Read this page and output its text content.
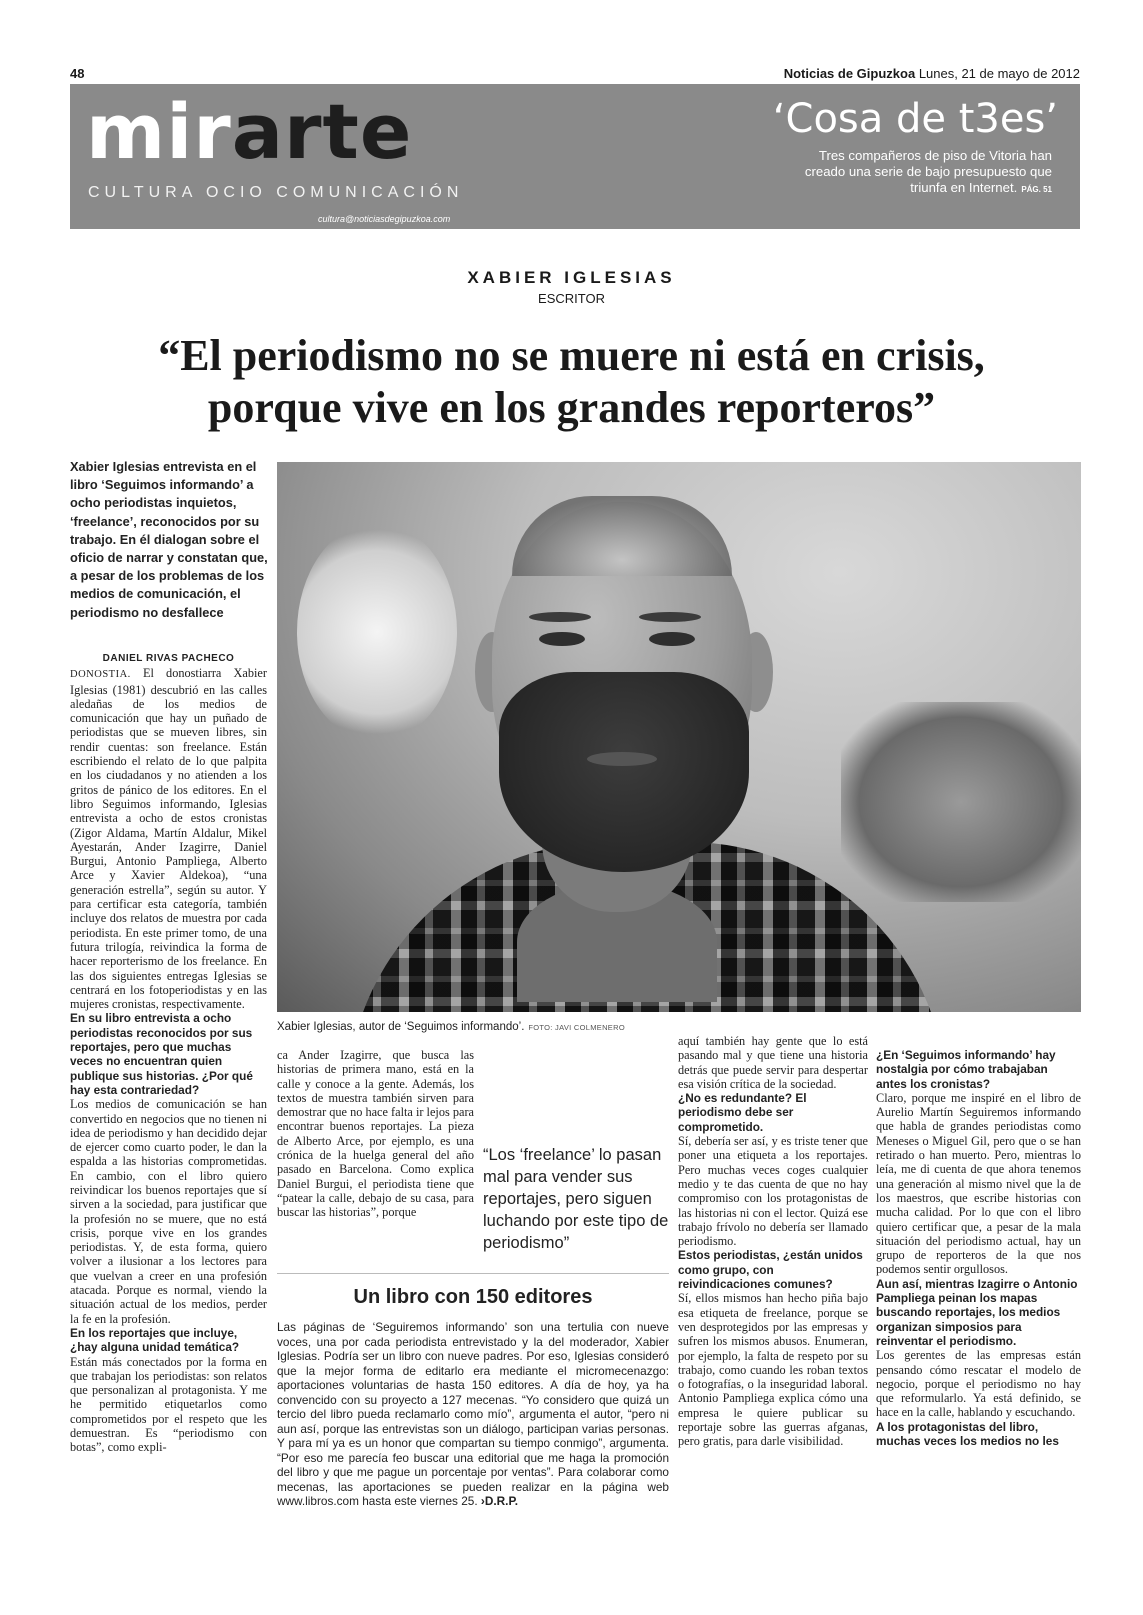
48	Noticias de Gipuzkoa Lunes, 21 de mayo de 2012
mirarte
CULTURA OCIO COMUNICACIÓN
cultura@noticiasdegipuzkoa.com
‘Cosa de t3es’
Tres compañeros de piso de Vitoria han creado una serie de bajo presupuesto que triunfa en Internet. PÁG. 51
XABIER IGLESIAS
ESCRITOR
“El periodismo no se muere ni está en crisis,
porque vive en los grandes reporteros”
Xabier Iglesias entrevista en el libro ‘Seguimos informando’ a ocho periodistas inquietos, ‘freelance’, reconocidos por su trabajo. En él dialogan sobre el oficio de narrar y constatan que, a pesar de los problemas de los medios de comunicación, el periodismo no desfallece
Xabier Iglesias, autor de ‘Seguimos informando’. FOTO: JAVI COLMENERO
DANIEL RIVAS PACHECO
DONOSTIA. El donostiarra Xabier Iglesias (1981) descubrió en las calles aledañas de los medios de comunicación que hay un puñado de periodistas que se mueven libres, sin rendir cuentas: son freelance. Están escribiendo el relato de lo que palpita en los ciudadanos y no atienden a los gritos de pánico de los editores. En el libro Seguimos informando, Iglesias entrevista a ocho de estos cronistas (Zigor Aldama, Martín Aldalur, Mikel Ayestarán, Ander Izagirre, Daniel Burgui, Antonio Pampliega, Alberto Arce y Xavier Aldekoa), “una generación estrella”, según su autor. Y para certificar esta categoría, también incluye dos relatos de muestra por cada periodista. En este primer tomo, de una futura trilogía, reivindica la forma de hacer reporterismo de los freelance. En las dos siguientes entregas Iglesias se centrará en los fotoperiodistas y en las mujeres cronistas, respectivamente.
En su libro entrevista a ocho periodistas reconocidos por sus reportajes, pero que muchas veces no encuentran quien publique sus historias. ¿Por qué hay esta contrariedad?
Los medios de comunicación se han convertido en negocios que no tienen ni idea de periodismo y han decidido dejar de ejercer como cuarto poder, le dan la espalda a las historias comprometidas. En cambio, con el libro quiero reivindicar los buenos reportajes que sí sirven a la sociedad, para justificar que la profesión no se muere, que no está crisis, porque vive en los grandes periodistas. Y, de esta forma, quiero volver a ilusionar a los lectores para que vuelvan a creer en una profesión atacada. Porque es normal, viendo la situación actual de los medios, perder la fe en la profesión.
En los reportajes que incluye, ¿hay alguna unidad temática?
Están más conectados por la forma en que trabajan los periodistas: son relatos que personalizan al protagonista. Y me he permitido etiquetarlos como comprometidos por el respeto que les demuestran. Es “periodismo con botas”, como expli-
ca Ander Izagirre, que busca las historias de primera mano, está en la calle y conoce a la gente. Además, los textos de muestra también sirven para demostrar que no hace falta ir lejos para encontrar buenos reportajes. La pieza de Alberto Arce, por ejemplo, es una crónica de la huelga general del año pasado en Barcelona. Como explica Daniel Burgui, el periodista tiene que “patear la calle, debajo de su casa, para buscar las historias”, porque
“Los ‘freelance’ lo pasan mal para vender sus reportajes, pero siguen luchando por este tipo de periodismo”
aquí también hay gente que lo está pasando mal y que tiene una historia detrás que puede servir para despertar esa visión crítica de la sociedad.
¿No es redundante? El periodismo debe ser comprometido.
Sí, debería ser así, y es triste tener que poner una etiqueta a los reportajes. Pero muchas veces coges cualquier medio y te das cuenta de que no hay compromiso con los protagonistas de las historias ni con el lector. Quizá ese trabajo frívolo no debería ser llamado periodismo.
Estos periodistas, ¿están unidos como grupo, con reivindicaciones comunes?
Sí, ellos mismos han hecho piña bajo esa etiqueta de freelance, porque se ven desprotegidos por las empresas y sufren los mismos abusos. Enumeran, por ejemplo, la falta de respeto por su trabajo, como cuando les roban textos o fotografías, o la inseguridad laboral. Antonio Pampliega explica cómo una empresa le quiere publicar su reportaje sobre las guerras afganas, pero gratis, para darle visibilidad.
¿En ‘Seguimos informando’ hay nostalgia por cómo trabajaban antes los cronistas?
Claro, porque me inspiré en el libro de Aurelio Martín Seguiremos informando que habla de grandes periodistas como Meneses o Miguel Gil, pero que o se han retirado o han muerto. Pero, mientras lo leía, me di cuenta de que ahora tenemos una generación al mismo nivel que la de los maestros, que escribe historias con mucha calidad. Por lo que con el libro quiero certificar que, a pesar de la mala situación del periodismo actual, hay un grupo de reporteros de la que nos podemos sentir orgullosos.
Aun así, mientras Izagirre o Antonio Pampliega peinan los mapas buscando reportajes, los medios organizan simposios para reinventar el periodismo.
Los gerentes de las empresas están pensando cómo rescatar el modelo de negocio, porque el periodismo no hay que reformularlo. Ya está definido, se hace en la calle, hablando y escuchando.
A los protagonistas del libro, muchas veces los medios no les
Un libro con 150 editores
Las páginas de ‘Seguiremos informando’ son una tertulia con nueve voces, una por cada periodista entrevistado y la del moderador, Xabier Iglesias. Podría ser un libro con nueve padres. Por eso, Iglesias consideró que la mejor forma de editarlo era mediante el micromecenazgo: aportaciones voluntarias de hasta 150 editores. A día de hoy, ya ha convencido con su proyecto a 127 mecenas. “Yo considero que quizá un tercio del libro pueda reclamarlo como mío”, argumenta el autor, “pero ni aun así, porque las entrevistas son un diálogo, participan varias personas. Y para mí ya es un honor que compartan su tiempo conmigo”, argumenta. “Por eso me parecía feo buscar una editorial que me haga la promoción del libro y que me pague un porcentaje por ventas”. Para colaborar como mecenas, las aportaciones se pueden realizar en la página web www.libros.com hasta este viernes 25. ›D.R.P.
